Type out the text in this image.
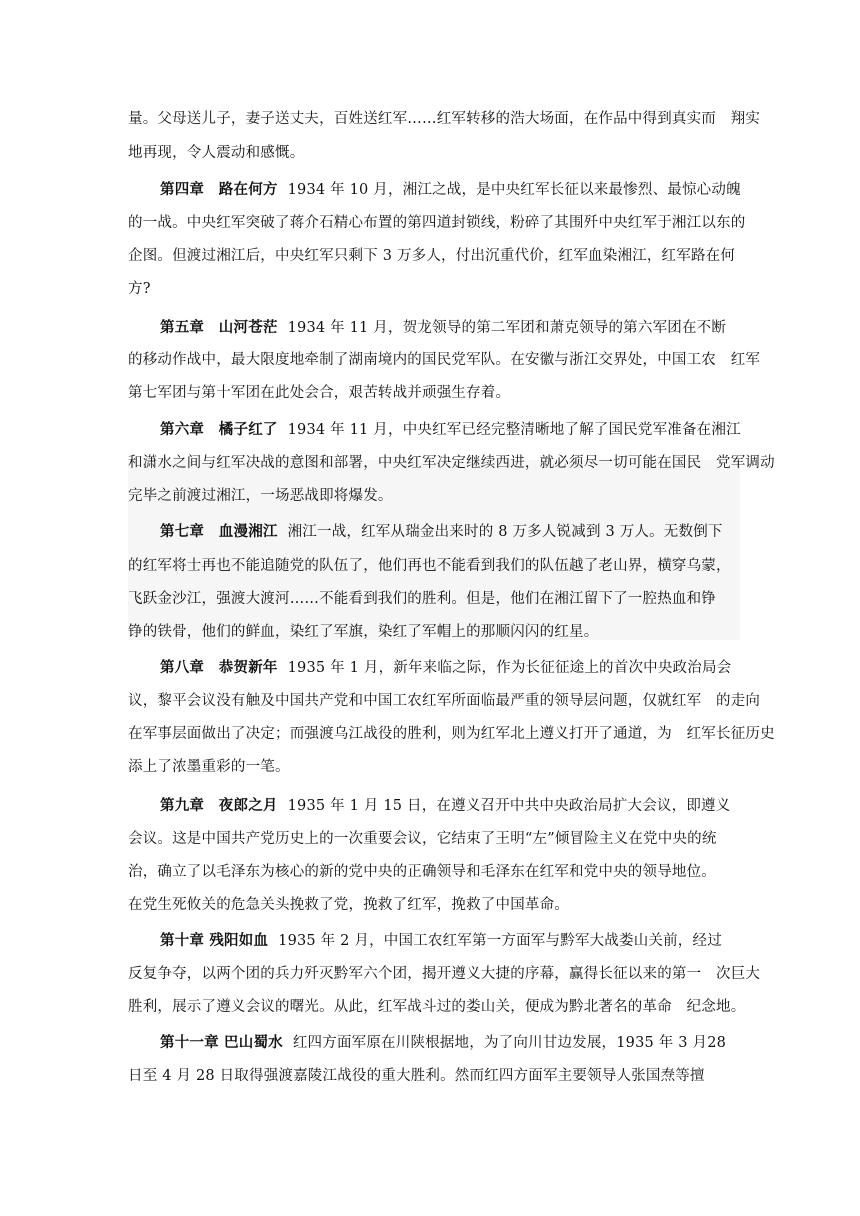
量。父母送儿子，妻子送丈夫，百姓送红军……红军转移的浩大场面，在作品中得到真实而　翔实
地再现，令人震动和感慨。
第四章　路在何方 1934 年 10 月，湘江之战，是中央红军长征以来最惨烈、最惊心动魄
的一战。中央红军突破了蒋介石精心布置的第四道封锁线，粉碎了其围歼中央红军于湘江以东的
企图。但渡过湘江后，中央红军只剩下 3 万多人，付出沉重代价，红军血染湘江，红军路在何
方?
第五章　山河苍茫 1934 年 11 月，贺龙领导的第二军团和萧克领导的第六军团在不断
的移动作战中，最大限度地牵制了湖南境内的国民党军队。在安徽与浙江交界处，中国工农　红军
第七军团与第十军团在此处会合，艰苦转战并顽强生存着。
第六章　橘子红了 1934 年 11 月，中央红军已经完整清晰地了解了国民党军准备在湘江
和潇水之间与红军决战的意图和部署，中央红军决定继续西进，就必须尽一切可能在国民　党军调动
完毕之前渡过湘江，一场恶战即将爆发。
第七章　血漫湘江 湘江一战，红军从瑞金出来时的 8 万多人锐减到 3 万人。无数倒下
的红军将士再也不能追随党的队伍了，他们再也不能看到我们的队伍越了老山界，横穿乌蒙，
飞跃金沙江，强渡大渡河……不能看到我们的胜利。但是，他们在湘江留下了一腔热血和铮
铮的铁骨，他们的鲜血，染红了军旗，染红了军帽上的那顺闪闪的红星。
第八章　恭贺新年 1935 年 1 月，新年来临之际，作为长征征途上的首次中央政治局会
议，黎平会议没有触及中国共产党和中国工农红军所面临最严重的领导层问题，仅就红军　的走向
在军事层面做出了决定；而强渡乌江战役的胜利，则为红军北上遵义打开了通道，为　红军长征历史
添上了浓墨重彩的一笔。
第九章　夜郎之月 1935 年 1 月 15 日，在遵义召开中共中央政治局扩大会议，即遵义
会议。这是中国共产党历史上的一次重要会议，它结束了王明“左”倾冒险主义在党中央的统
治，确立了以毛泽东为核心的新的党中央的正确领导和毛泽东在红军和党中央的领导地位。
在党生死攸关的危急关头挽救了党，挽救了红军，挽救了中国革命。
第十章 残阳如血 1935 年 2 月，中国工农红军第一方面军与黔军大战娄山关前，经过
反复争夺，以两个团的兵力歼灭黔军六个团，揭开遵义大捷的序幕，赢得长征以来的第一　次巨大
胜利，展示了遵义会议的曙光。从此，红军战斗过的娄山关，便成为黔北著名的革命　纪念地。
第十一章 巴山蜀水 红四方面军原在川陕根据地，为了向川甘边发展，1935 年 3 月28
日至 4 月 28 日取得强渡嘉陵江战役的重大胜利。然而红四方面军主要领导人张国焘等擅
